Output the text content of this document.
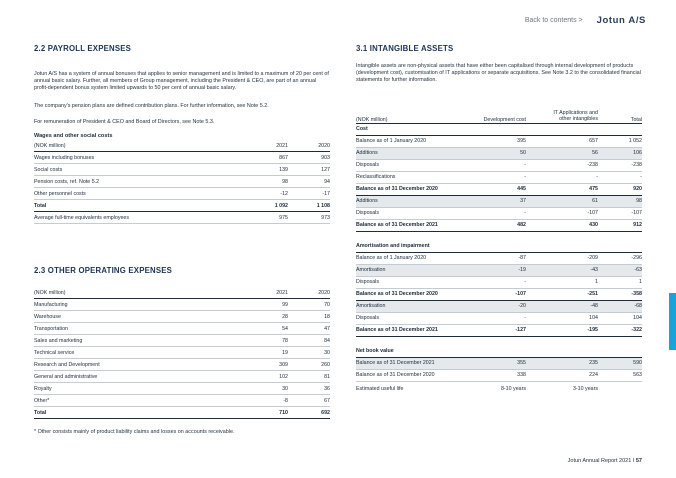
Back to contents > Jotun A/S
2.2 PAYROLL EXPENSES

Jotun A/S has a system of annual bonuses that applies to senior management and is limited to a maximum of 20 per cent of annual basic salary. Further, all members of Group management, including the President & CEO, are part of an annual profit-dependent bonus system limited upwards to 50 per cent of annual basic salary.

The company's pension plans are defined contribution plans. For further information, see Note 5.2.

For remuneration of President & CEO and Board of Directors, see Note 5.3.

Wages and other social costs

(NOK million)	2021	2020
Wages including bonuses	867	903
Social costs	139	127
Pension costs, ref. Note 5.2	98	94
Other personnel costs	-12	-17
Total	1 092	1 108
Average full-time equivalents employees	975	973
2.3 OTHER OPERATING EXPENSES
(NOK million)	2021	2020
Manufacturing	99	70
Warehouse	28	18
Transportation	54	47
Sales and marketing	78	84
Technical service	19	30
Research and Development	309	260
General and administrative	102	81
Royalty	30	36
Other*	-8	67
Total	710	692

* Other consists mainly of product liability claims and losses on accounts receivable.

3.1 INTANGIBLE ASSETS

Intangible assets are non-physical assets that have either been capitalised through internal development of products (development cost), customisation of IT applications or separate acquisitions. See Note 3.2 to the consolidated financial statements for further information.

(NOK million)	Development cost	IT Applications and
other intangibles	Total
Cost			
Balance as of 1 January 2020	395	657	1 052
Additions	50	56	106
Disposals	-	-238	-238
Reclassifications	-	-	-
Balance as of 31 December 2020	445	475	920
Additions	37	61	98
Disposals	-	-107	-107
Balance as of 31 December 2021	482	430	912

Amortisation and impairment			
Balance as of 1 January 2020	-87	-209	-296
Amortisation	-19	-43	-63
Disposals	-	1	1
Balance as of 31 December 2020	-107	-251	-358
Amortisation	-20	-48	-68
Disposals	-	104	104
Balance as of 31 December 2021	-127	-195	-322

Net book value			
Balance as of 31 December 2021	355	235	590
Balance as of 31 December 2020	338	224	563
Estimated useful life	8-10 years	3-10 years	
Jotun Annual Report 2021 I 57
